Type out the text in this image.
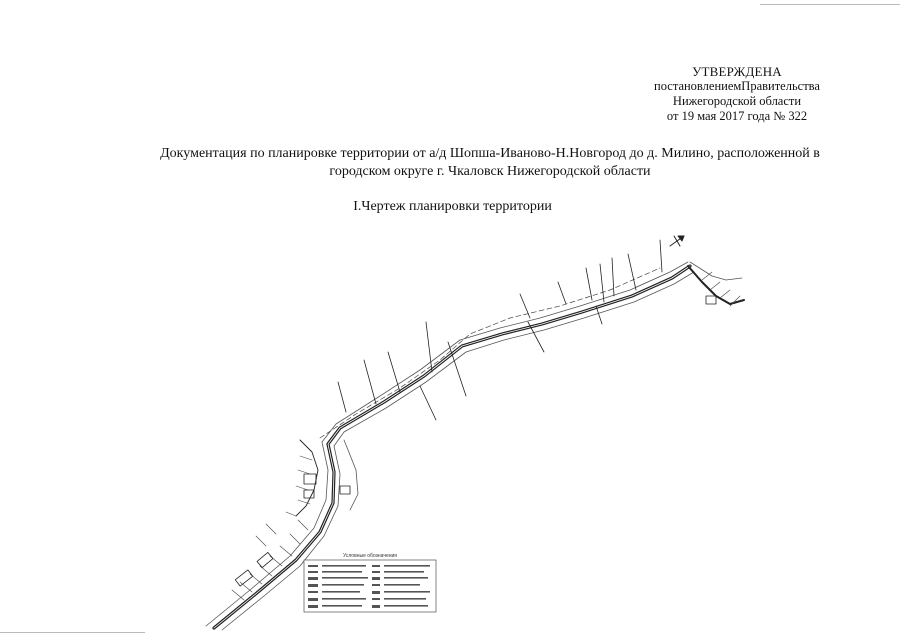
УТВЕРЖДЕНА
постановлениемПравительства
Нижегородской области
от 19 мая 2017 года № 322
Документация по планировке территории от а/д Шопша-Иваново-Н.Новгород до д. Милино, расположенной в
городском округе г. Чкаловск Нижегородской области
I.Чертеж планировки территории
Условные обозначения
